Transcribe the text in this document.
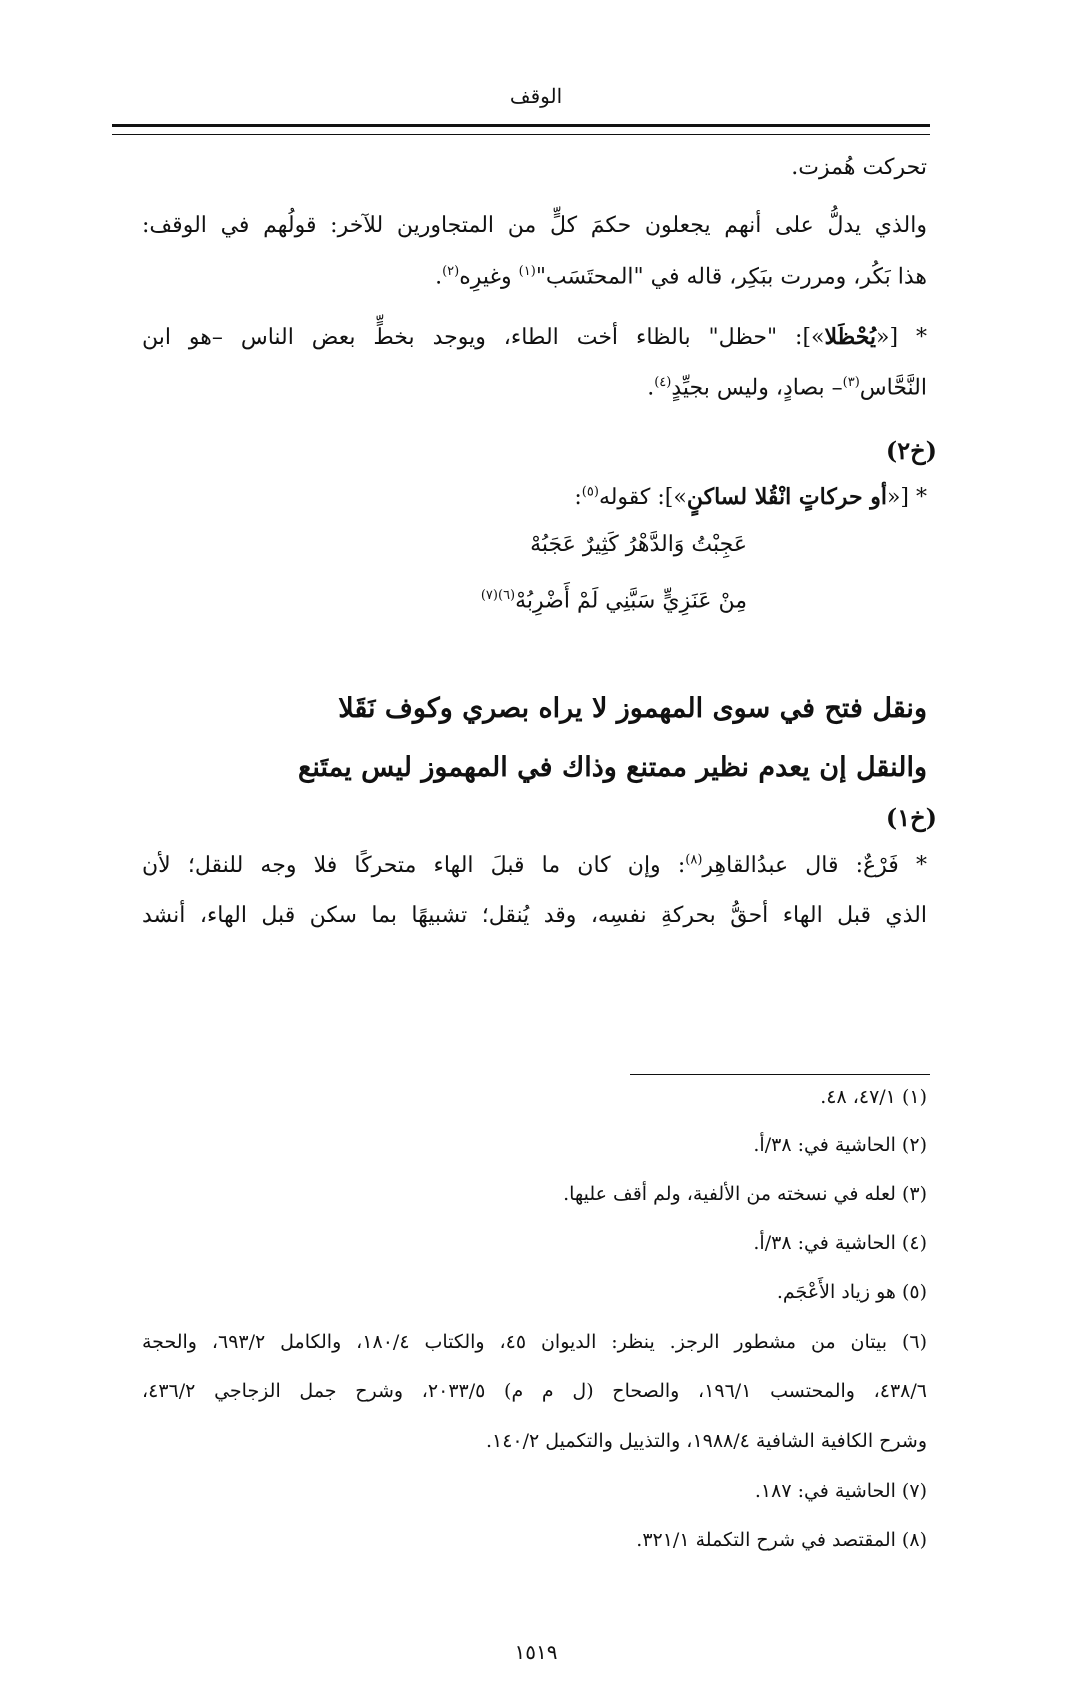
الوقف
تحركت هُمزت.
والذي يدلُّ على أنهم يجعلون حكمَ كلٍّ من المتجاورين للآخر: قولُهم في الوقف:
هذا بَكُر، ومررت ببَكِر، قاله في "المحتَسَب"$^{(١)}$ وغيرِه$^{(٢)}$.
* [«يُحْظَلا»]: "حظل" بالظاء أخت الطاء، ويوجد بخطٍّ بعض الناس –هو ابن
النَّحَّاس$^{(٣)}$– بصادٍ، وليس بجيِّدٍ$^{(٤)}$.
(خ٢)
* [«أو حركاتٍ انْقُلا لساكنٍ»]: كقوله$^{(٥)}$:
عَجِبْتُ وَالدَّهْرُ كَثِيرٌ عَجَبُهْ
مِنْ عَنَزِيٍّ سَبَّنِي لَمْ أَضْرِبُهْ$^{(٦)(٧)}$
ونقل فتح في سوى المهموز لا يراه بصري وكوف نَقَلا
والنقل إن يعدم نظير ممتنع وذاك في المهموز ليس يمتَنع
(خ١)
* فَرْعٌ: قال عبدُالقاهِر$^{(٨)}$: وإن كان ما قبلَ الهاء متحركًا فلا وجه للنقل؛ لأن
الذي قبل الهاء أحقُّ بحركةِ نفسِه، وقد يُنقل؛ تشبيهًا بما سكن قبل الهاء، أنشد
(١) ٤٧/١، ٤٨.
(٢) الحاشية في: ٣٨/أ.
(٣) لعله في نسخته من الألفية، ولم أقف عليها.
(٤) الحاشية في: ٣٨/أ.
(٥) هو زياد الأَعْجَم.
(٦) بيتان من مشطور الرجز. ينظر: الديوان ٤٥، والكتاب ١٨٠/٤، والكامل ٦٩٣/٢، والحجة
٤٣٨/٦، والمحتسب ١٩٦/١، والصحاح (ل م م) ٢٠٣٣/٥، وشرح جمل الزجاجي ٤٣٦/٢،
وشرح الكافية الشافية ١٩٨٨/٤، والتذييل والتكميل ١٤٠/٢.
(٧) الحاشية في: ١٨٧.
(٨) المقتصد في شرح التكملة ٣٢١/١.
١٥١٩
